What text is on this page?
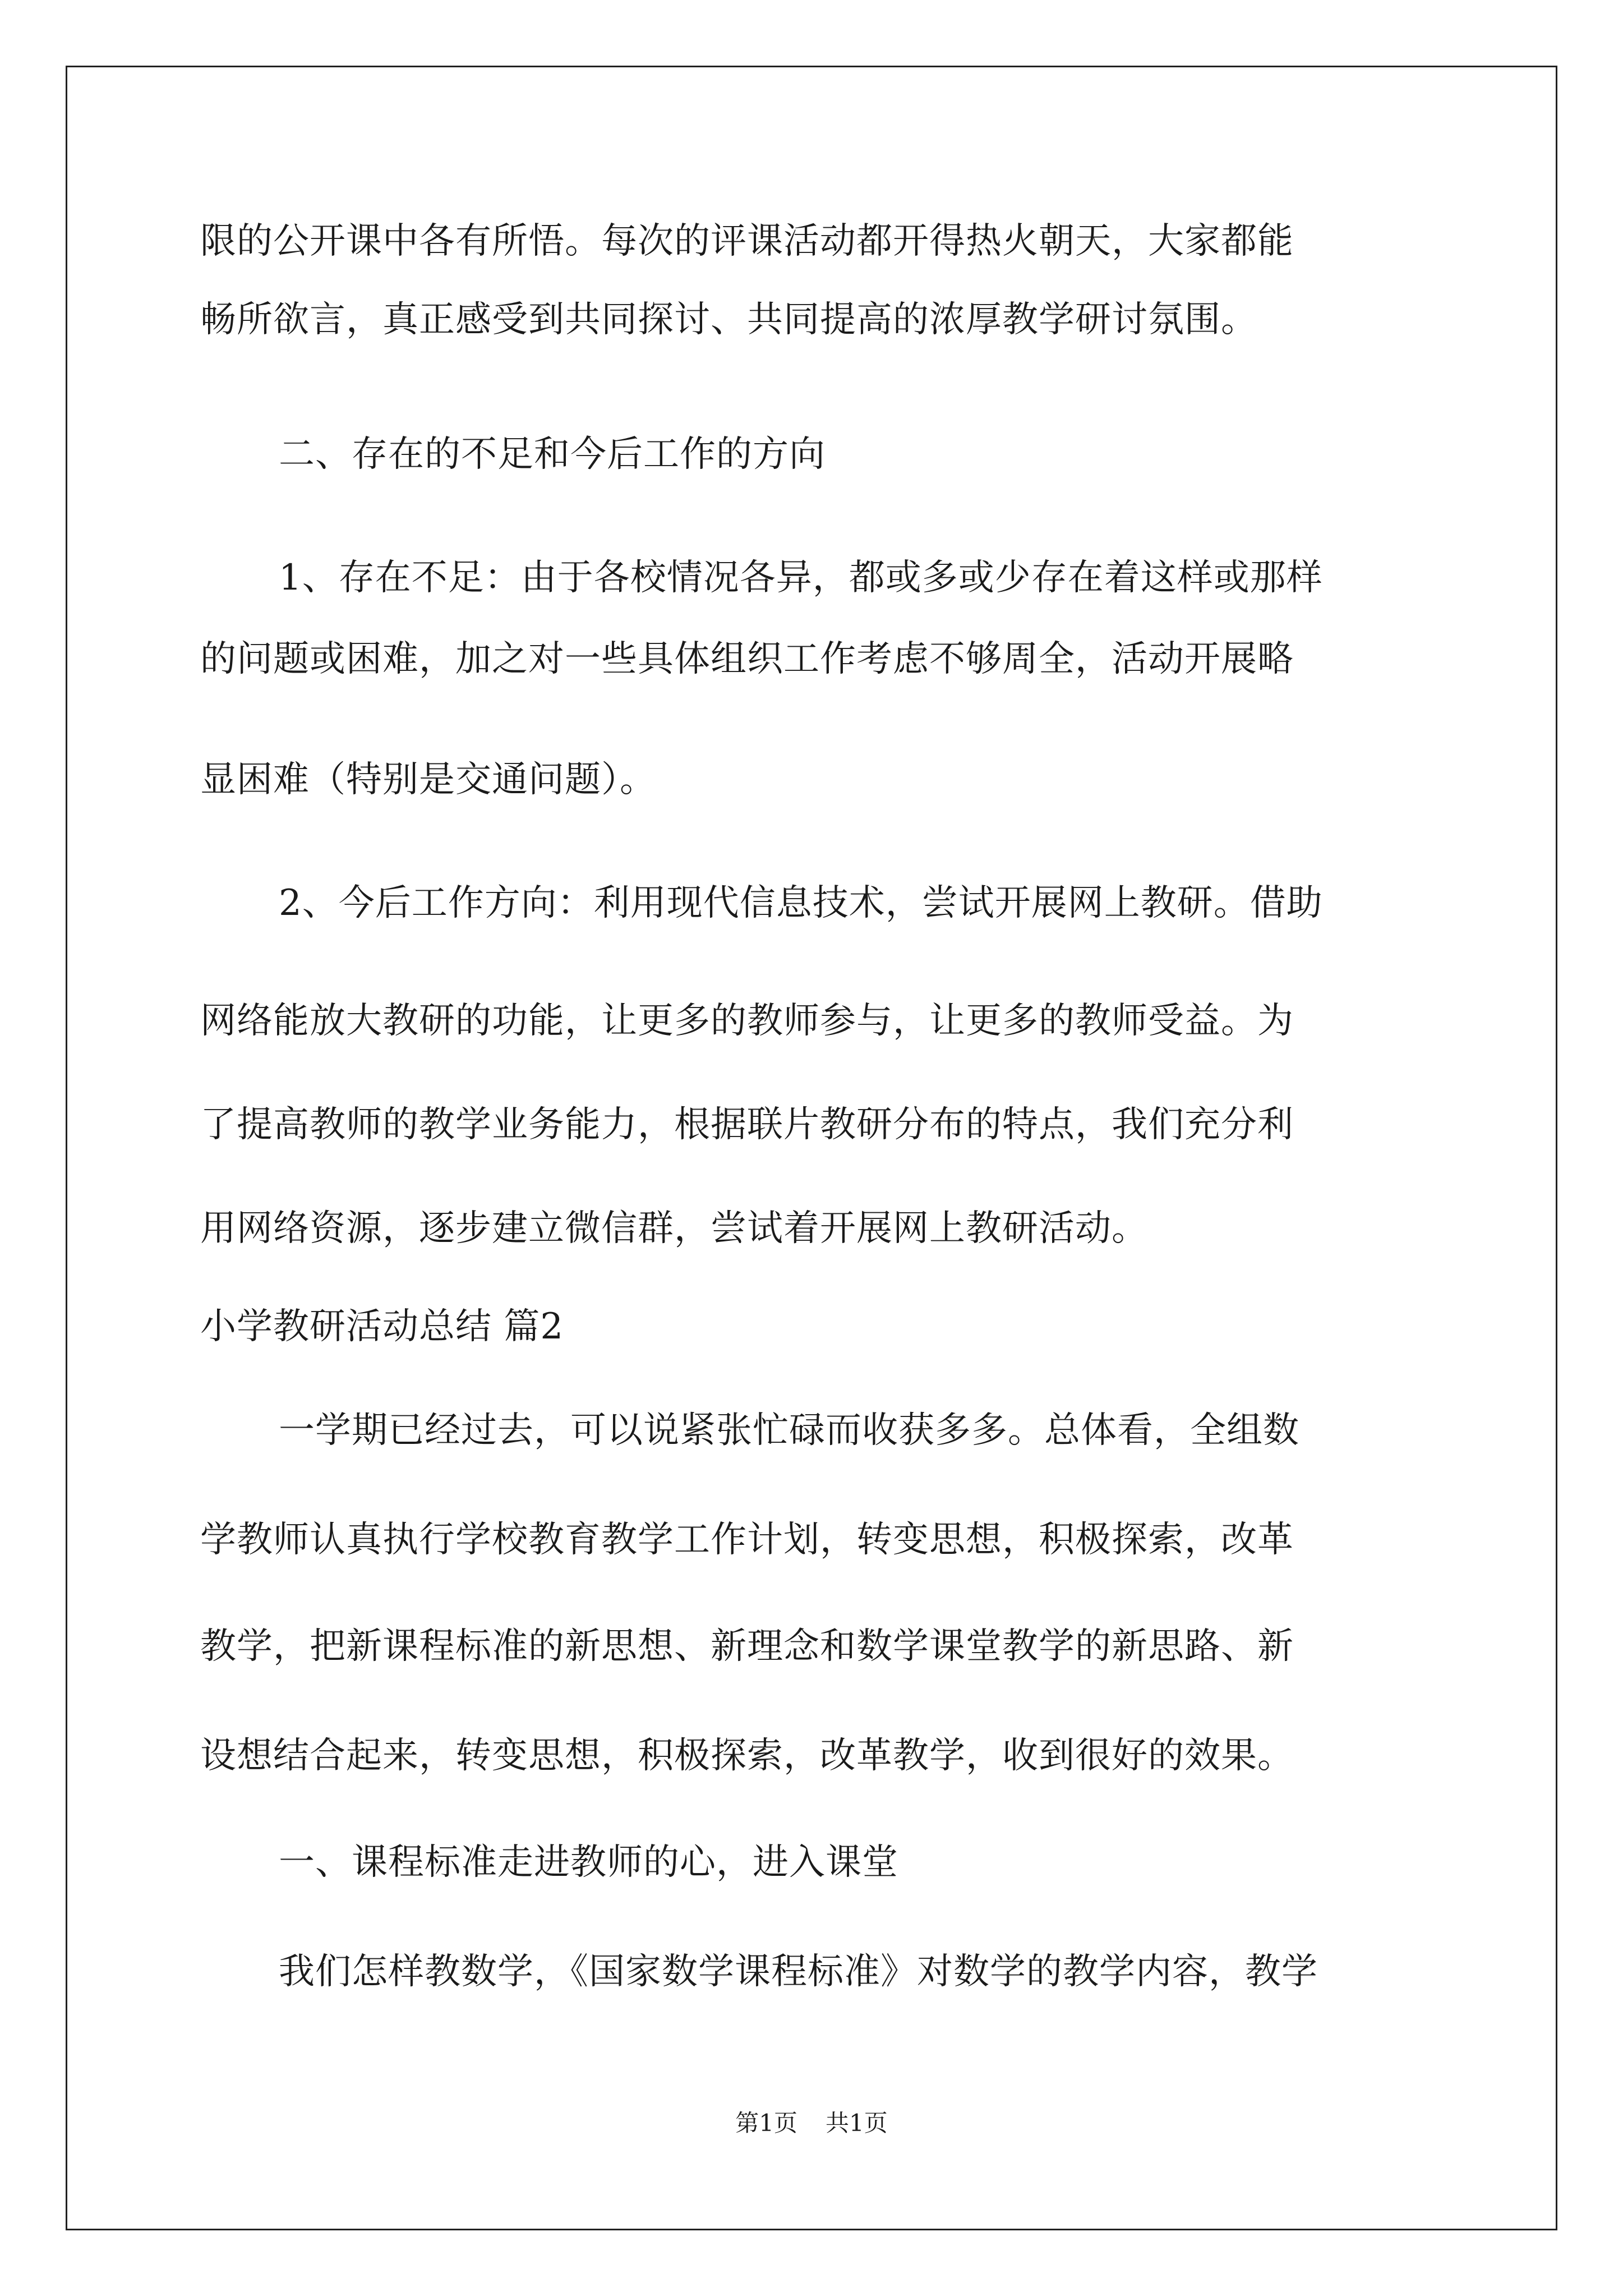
限的公开课中各有所悟。每次的评课活动都开得热火朝天，大家都能
畅所欲言，真正感受到共同探讨、共同提高的浓厚教学研讨氛围。
二、存在的不足和今后工作的方向
1、存在不足：由于各校情况各异，都或多或少存在着这样或那样
的问题或困难，加之对一些具体组织工作考虑不够周全，活动开展略
显困难（特别是交通问题）。
2、今后工作方向：利用现代信息技术，尝试开展网上教研。借助
网络能放大教研的功能，让更多的教师参与，让更多的教师受益。为
了提高教师的教学业务能力，根据联片教研分布的特点，我们充分利
用网络资源，逐步建立微信群，尝试着开展网上教研活动。
小学教研活动总结 篇2
一学期已经过去，可以说紧张忙碌而收获多多。总体看，全组数
学教师认真执行学校教育教学工作计划，转变思想，积极探索，改革
教学，把新课程标准的新思想、新理念和数学课堂教学的新思路、新
设想结合起来，转变思想，积极探索，改革教学，收到很好的效果。
一、课程标准走进教师的心，进入课堂
我们怎样教数学，《国家数学课程标准》对数学的教学内容，教学
第1页 共1页
